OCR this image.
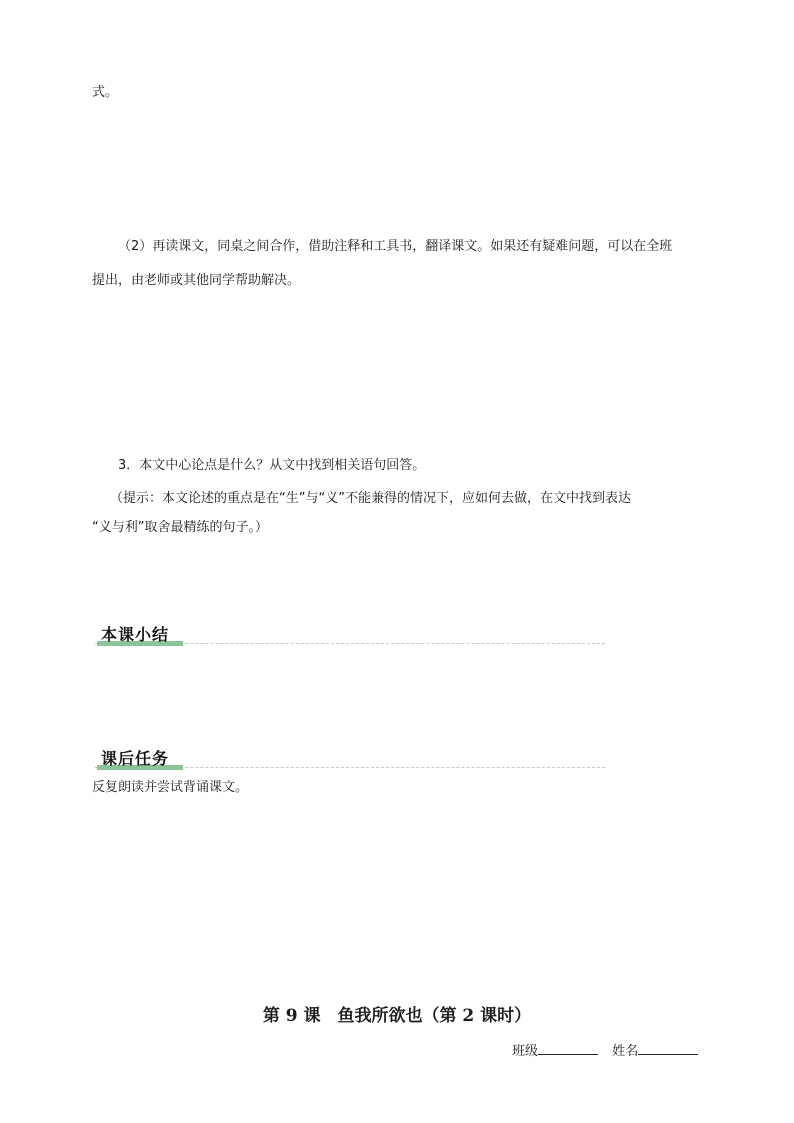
式。
（2）再读课文，同桌之间合作，借助注释和工具书，翻译课文。如果还有疑难问题，可以在全班
提出，由老师或其他同学帮助解决。
3．本文中心论点是什么？从文中找到相关语句回答。
（提示：本文论述的重点是在“生”与“义”不能兼得的情况下，应如何去做，在文中找到表达
“义与利”取舍最精练的句子。）
本课小结
课后任务
反复朗读并尝试背诵课文。
第 9 课　鱼我所欲也（第 2 课时）
班级	姓名
